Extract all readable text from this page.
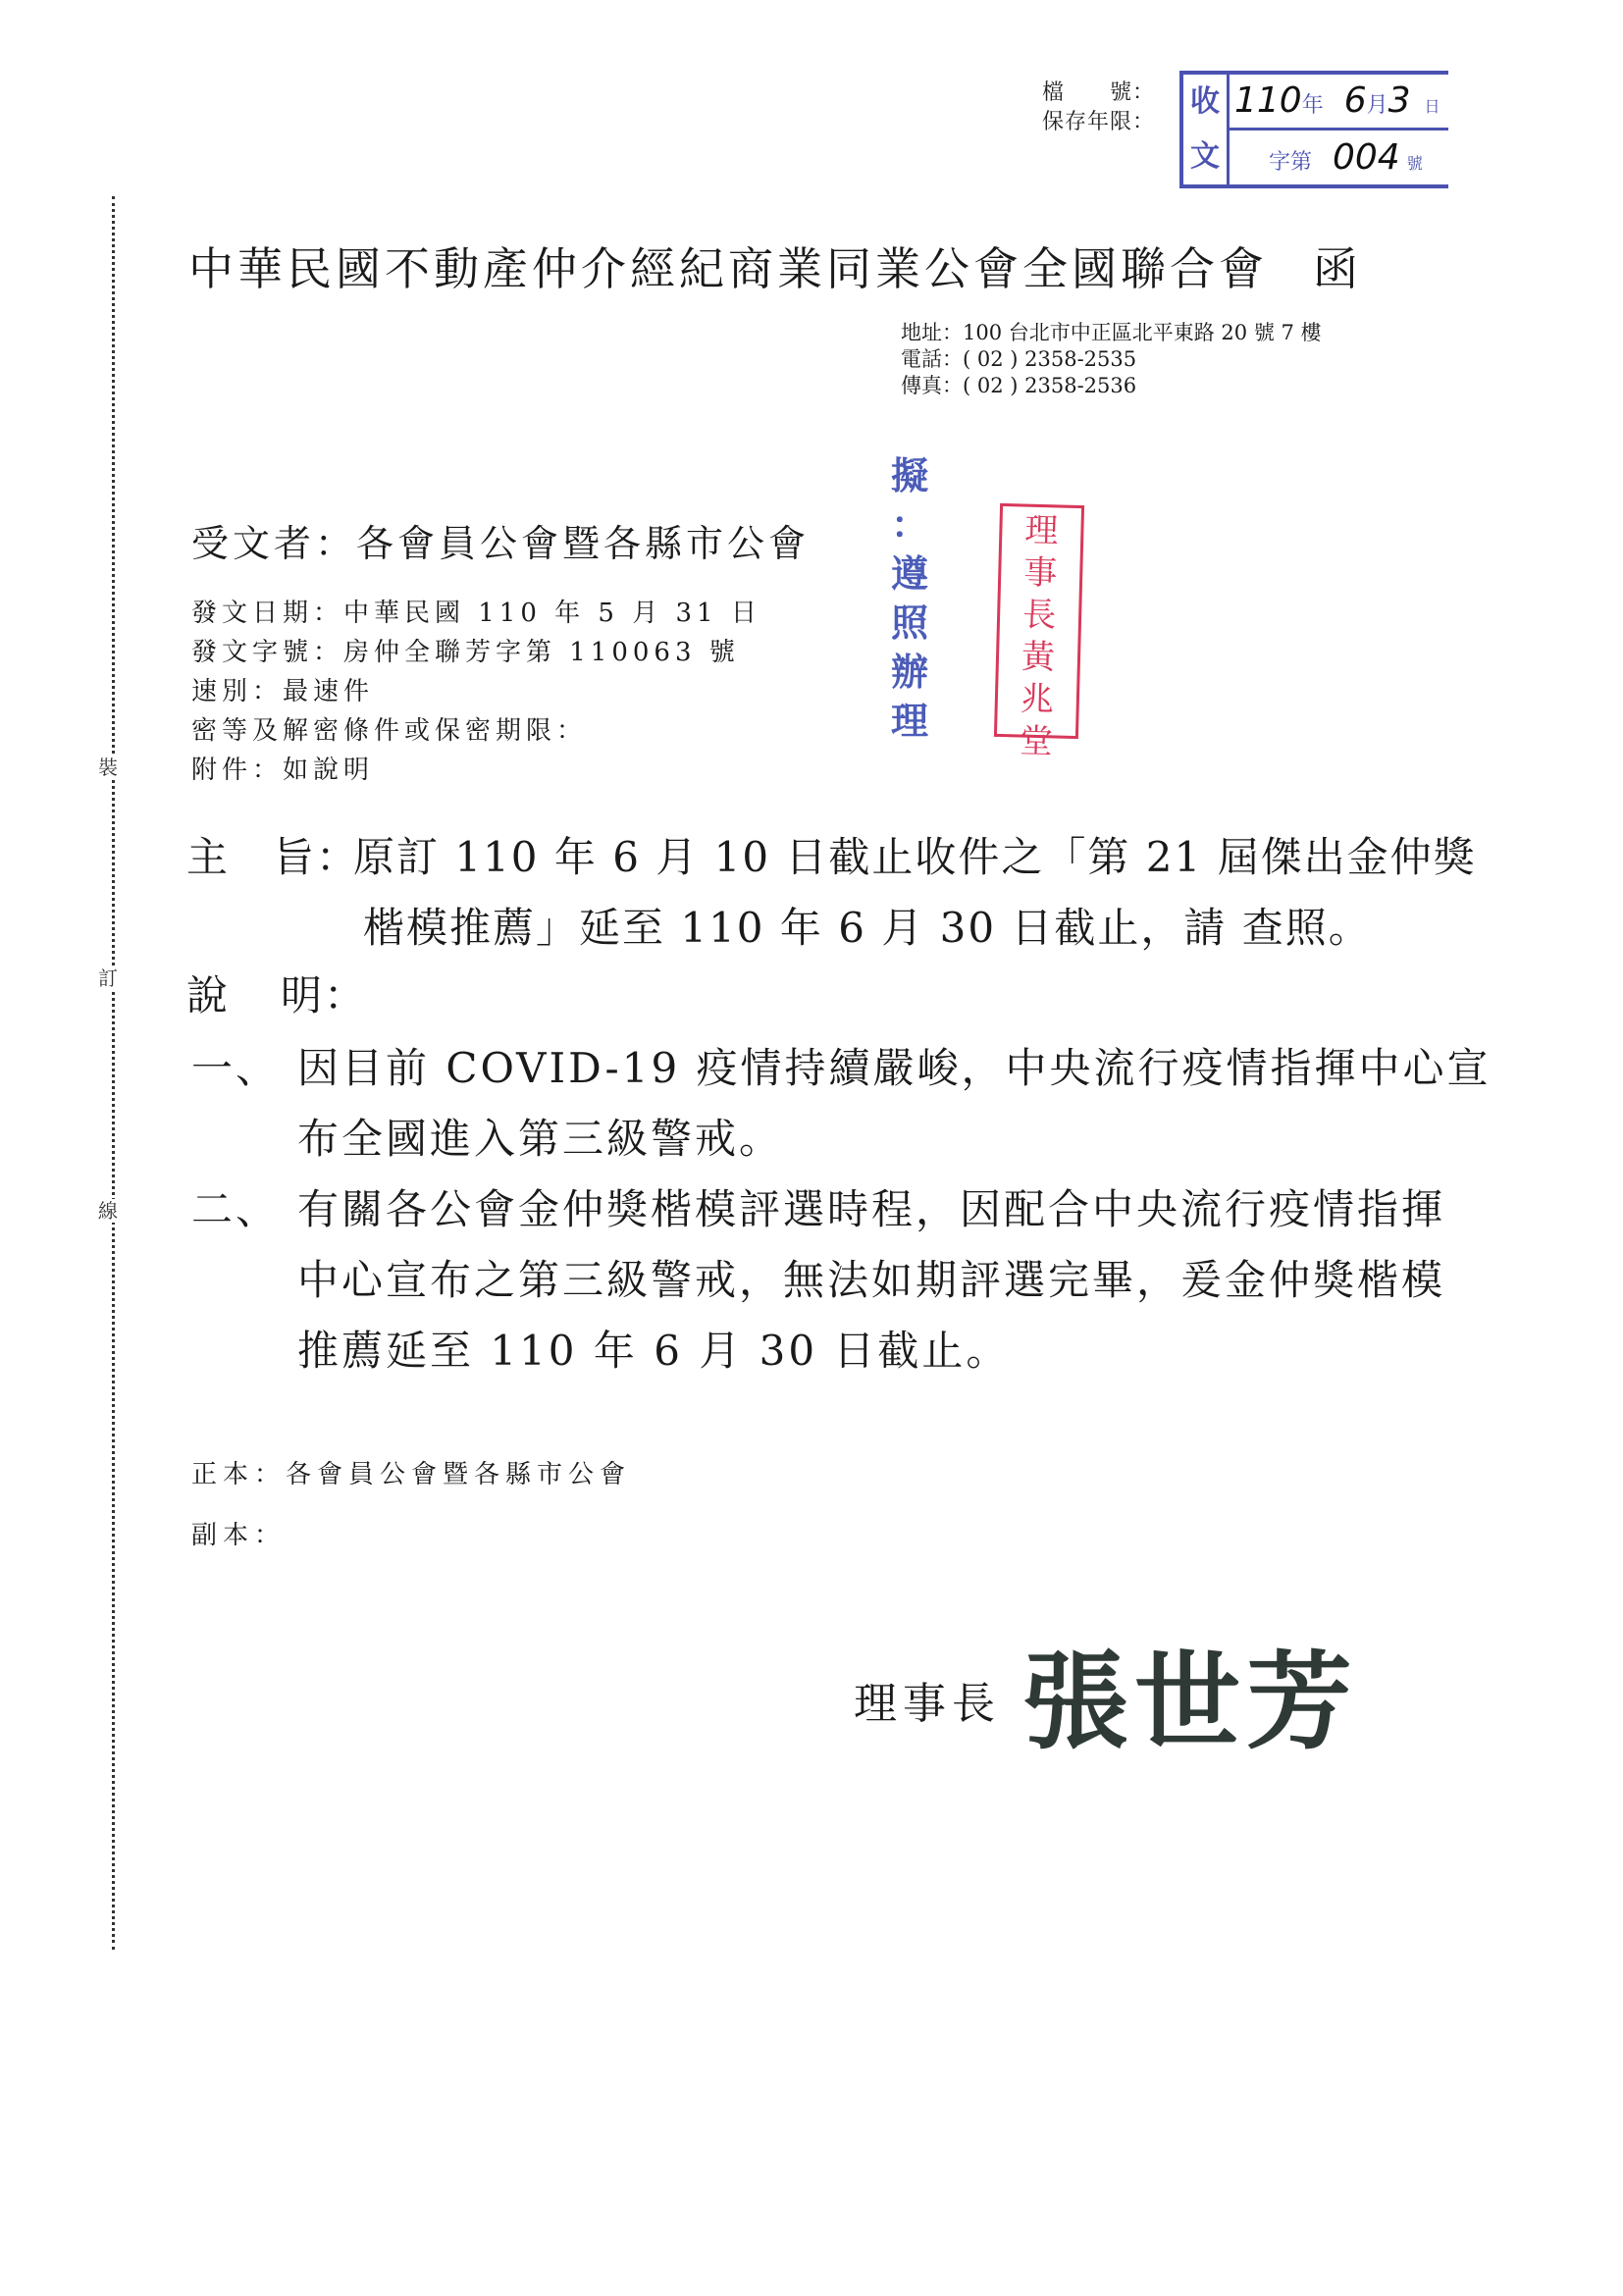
裝
訂
線
檔　　號：
保存年限：
收
文
110年 6月3 日
字第 004 號
中華民國不動產仲介經紀商業同業公會全國聯合會 函
地址：100 台北市中正區北平東路 20 號 7 樓
電話：( 02 ) 2358-2535
傳真：( 02 ) 2358-2536
受文者：各會員公會暨各縣市公會
發文日期：中華民國 110 年 5 月 31 日
發文字號：房仲全聯芳字第 110063 號
速別：最速件
密等及解密條件或保密期限：
附件：如說明
擬
：
遵
照
辦
理
理
事
長
黃
兆
堂
主　旨：原訂 110 年 6 月 10 日截止收件之「第 21 屆傑出金仲獎
楷模推薦」延至 110 年 6 月 30 日截止，請 查照。
說 明：
一、 因目前 COVID-19 疫情持續嚴峻，中央流行疫情指揮中心宣
布全國進入第三級警戒。
二、 有關各公會金仲獎楷模評選時程，因配合中央流行疫情指揮
中心宣布之第三級警戒，無法如期評選完畢，爰金仲獎楷模
推薦延至 110 年 6 月 30 日截止。
正本：各會員公會暨各縣市公會
副本：
理事長 張世芳
